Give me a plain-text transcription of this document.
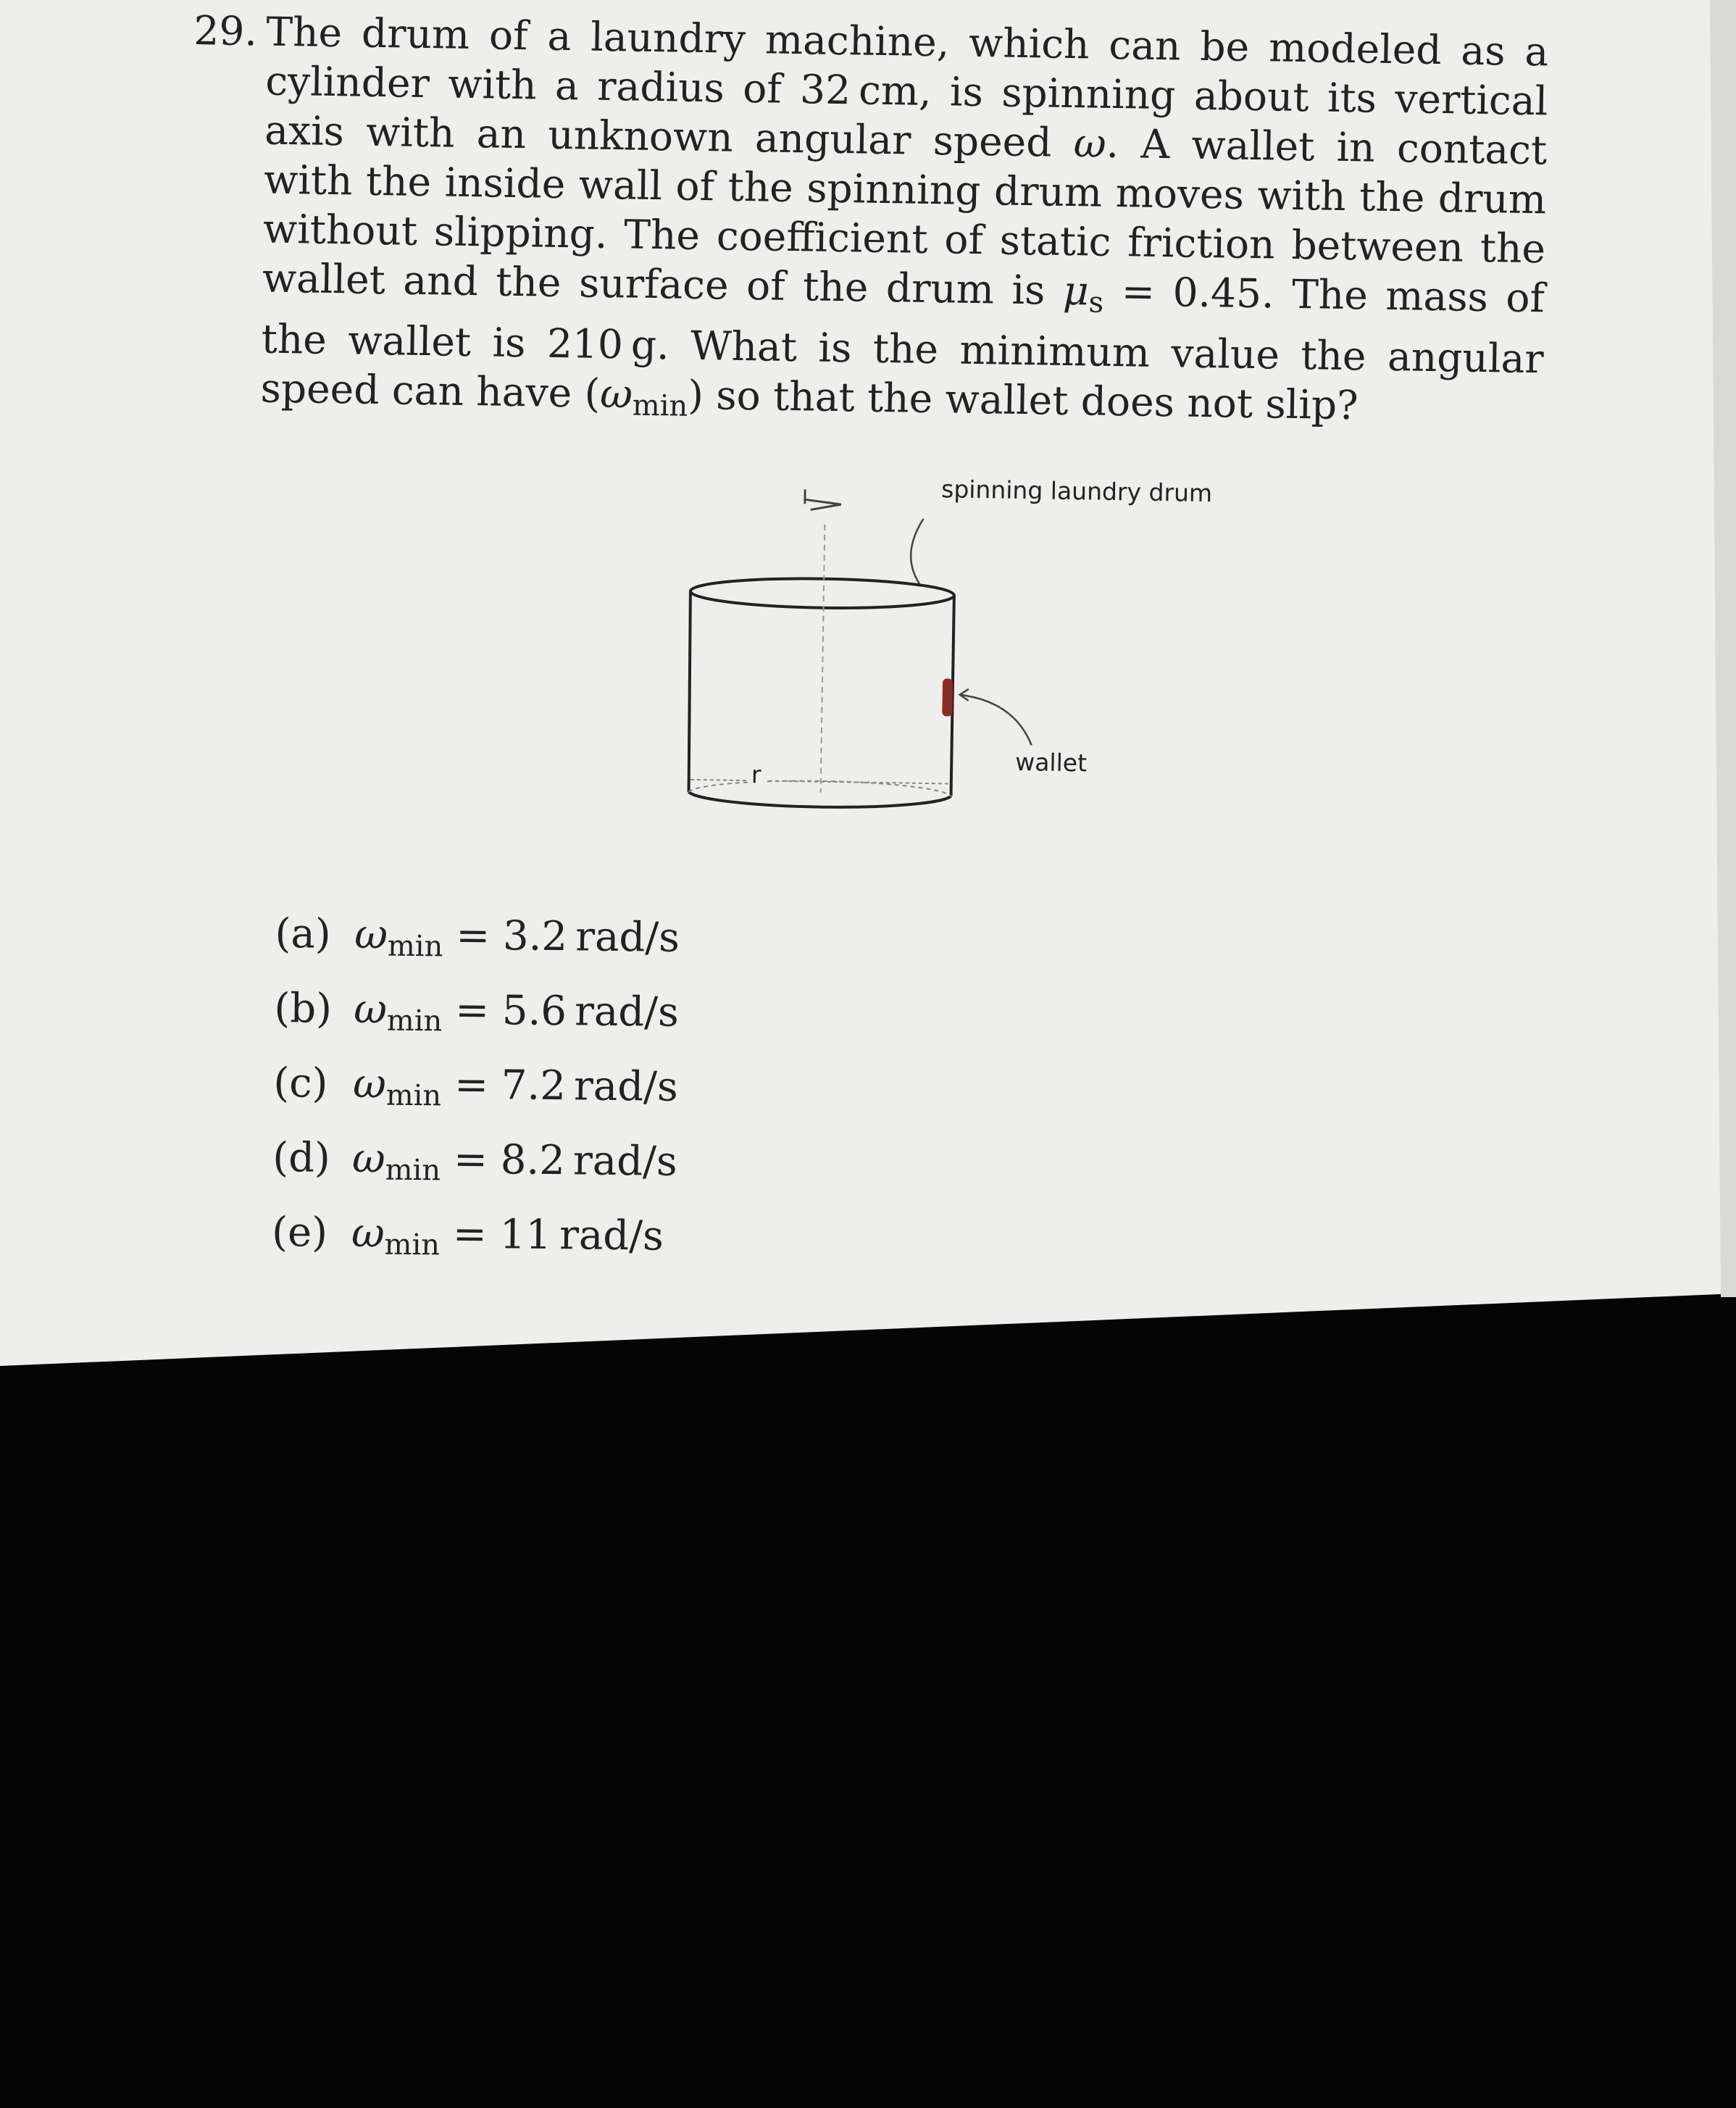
29. The drum of a laundry machine, which can be modeled as a cylinder with a radius of 32 cm, is spinning about its vertical axis with an unknown angular speed ω. A wallet in contact with the inside wall of the spinning drum moves with the drum without slipping. The coefficient of static friction between the wallet and the surface of the drum is $\mu_s = 0.45$. The mass of the wallet is 210 g. What is the minimum value the angular speed can have $(\omega_{min})$ so that the wallet does not slip?
spinning laundry drum
r	wallet
(a) $\omega_{min} = 3.2$ rad/s
(b) $\omega_{min} = 5.6$ rad/s
(c) $\omega_{min} = 7.2$ rad/s
(d) $\omega_{min} = 8.2$ rad/s
(e) $\omega_{min} = 11$ rad/s
